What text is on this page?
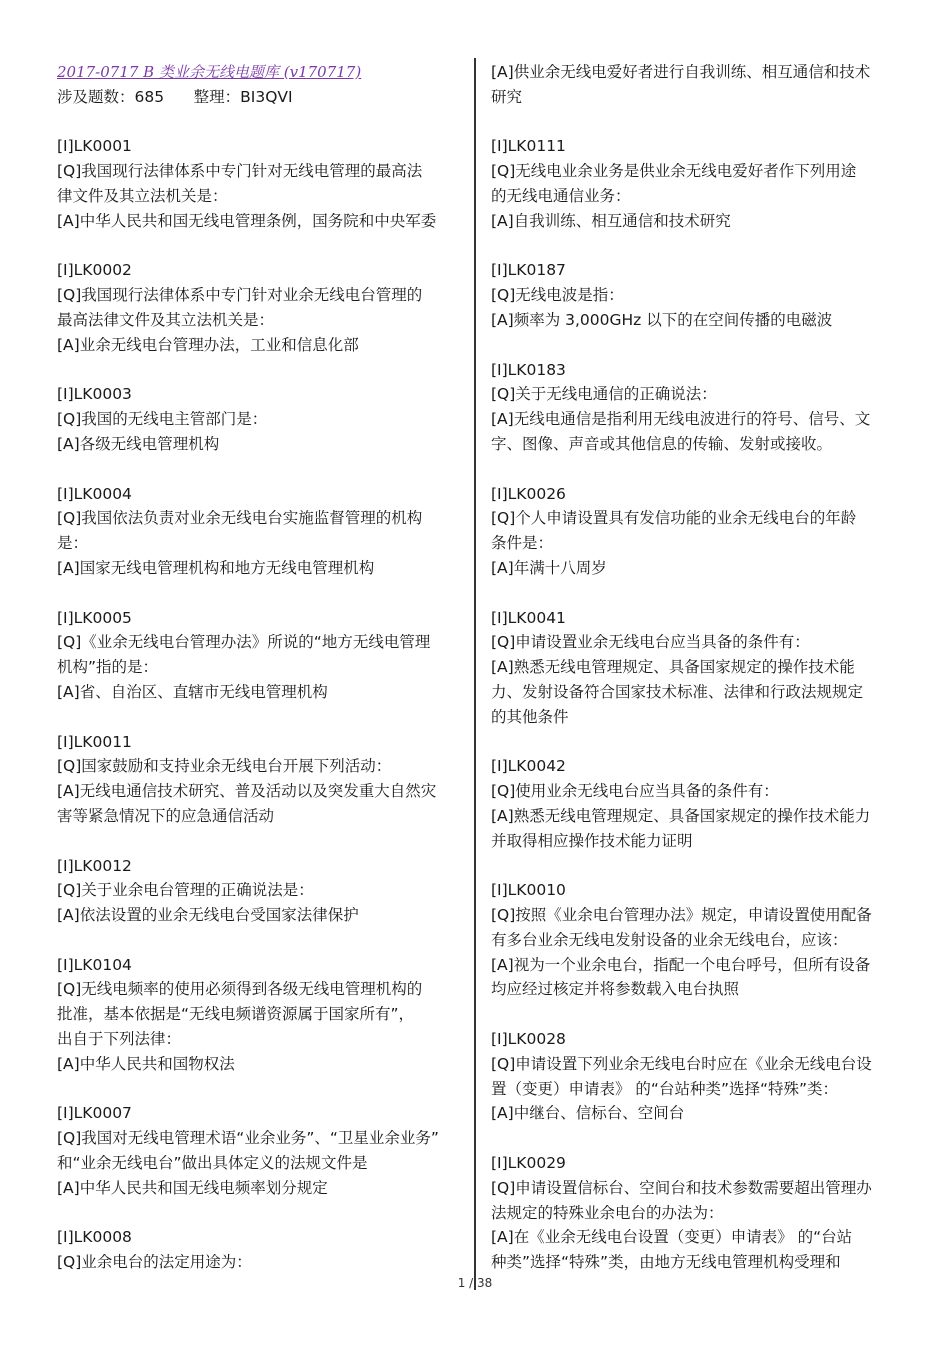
2017-0717 B 类业余无线电题库 (v170717)
涉及题数：685      整理：BI3QVI
[I]LK0001
[Q]我国现行法律体系中专门针对无线电管理的最高法
律文件及其立法机关是：
[A]中华人民共和国无线电管理条例，国务院和中央军委
[I]LK0002
[Q]我国现行法律体系中专门针对业余无线电台管理的
最高法律文件及其立法机关是：
[A]业余无线电台管理办法，工业和信息化部
[I]LK0003
[Q]我国的无线电主管部门是：
[A]各级无线电管理机构
[I]LK0004
[Q]我国依法负责对业余无线电台实施监督管理的机构
是：
[A]国家无线电管理机构和地方无线电管理机构
[I]LK0005
[Q]《业余无线电台管理办法》所说的“地方无线电管理
机构”指的是：
[A]省、自治区、直辖市无线电管理机构
[I]LK0011
[Q]国家鼓励和支持业余无线电台开展下列活动：
[A]无线电通信技术研究、普及活动以及突发重大自然灾
害等紧急情况下的应急通信活动
[I]LK0012
[Q]关于业余电台管理的正确说法是：
[A]依法设置的业余无线电台受国家法律保护
[I]LK0104
[Q]无线电频率的使用必须得到各级无线电管理机构的
批准，基本依据是“无线电频谱资源属于国家所有”，
出自于下列法律：
[A]中华人民共和国物权法
[I]LK0007
[Q]我国对无线电管理术语“业余业务”、“卫星业余业务”
和“业余无线电台”做出具体定义的法规文件是
[A]中华人民共和国无线电频率划分规定
[I]LK0008
[Q]业余电台的法定用途为：
[A]供业余无线电爱好者进行自我训练、相互通信和技术
研究
[I]LK0111
[Q]无线电业余业务是供业余无线电爱好者作下列用途
的无线电通信业务：
[A]自我训练、相互通信和技术研究
[I]LK0187
[Q]无线电波是指：
[A]频率为 3,000GHz 以下的在空间传播的电磁波
[I]LK0183
[Q]关于无线电通信的正确说法：
[A]无线电通信是指利用无线电波进行的符号、信号、文
字、图像、声音或其他信息的传输、发射或接收。
[I]LK0026
[Q]个人申请设置具有发信功能的业余无线电台的年龄
条件是：
[A]年满十八周岁
[I]LK0041
[Q]申请设置业余无线电台应当具备的条件有：
[A]熟悉无线电管理规定、具备国家规定的操作技术能
力、发射设备符合国家技术标准、法律和行政法规规定
的其他条件
[I]LK0042
[Q]使用业余无线电台应当具备的条件有：
[A]熟悉无线电管理规定、具备国家规定的操作技术能力
并取得相应操作技术能力证明
[I]LK0010
[Q]按照《业余电台管理办法》规定，申请设置使用配备
有多台业余无线电发射设备的业余无线电台，应该：
[A]视为一个业余电台，指配一个电台呼号，但所有设备
均应经过核定并将参数载入电台执照
[I]LK0028
[Q]申请设置下列业余无线电台时应在《业余无线电台设
置（变更）申请表》 的“台站种类”选择“特殊”类：
[A]中继台、信标台、空间台
[I]LK0029
[Q]申请设置信标台、空间台和技术参数需要超出管理办
法规定的特殊业余电台的办法为：
[A]在《业余无线电台设置（变更）申请表》 的“台站
种类”选择“特殊”类，由地方无线电管理机构受理和
1 / 38
